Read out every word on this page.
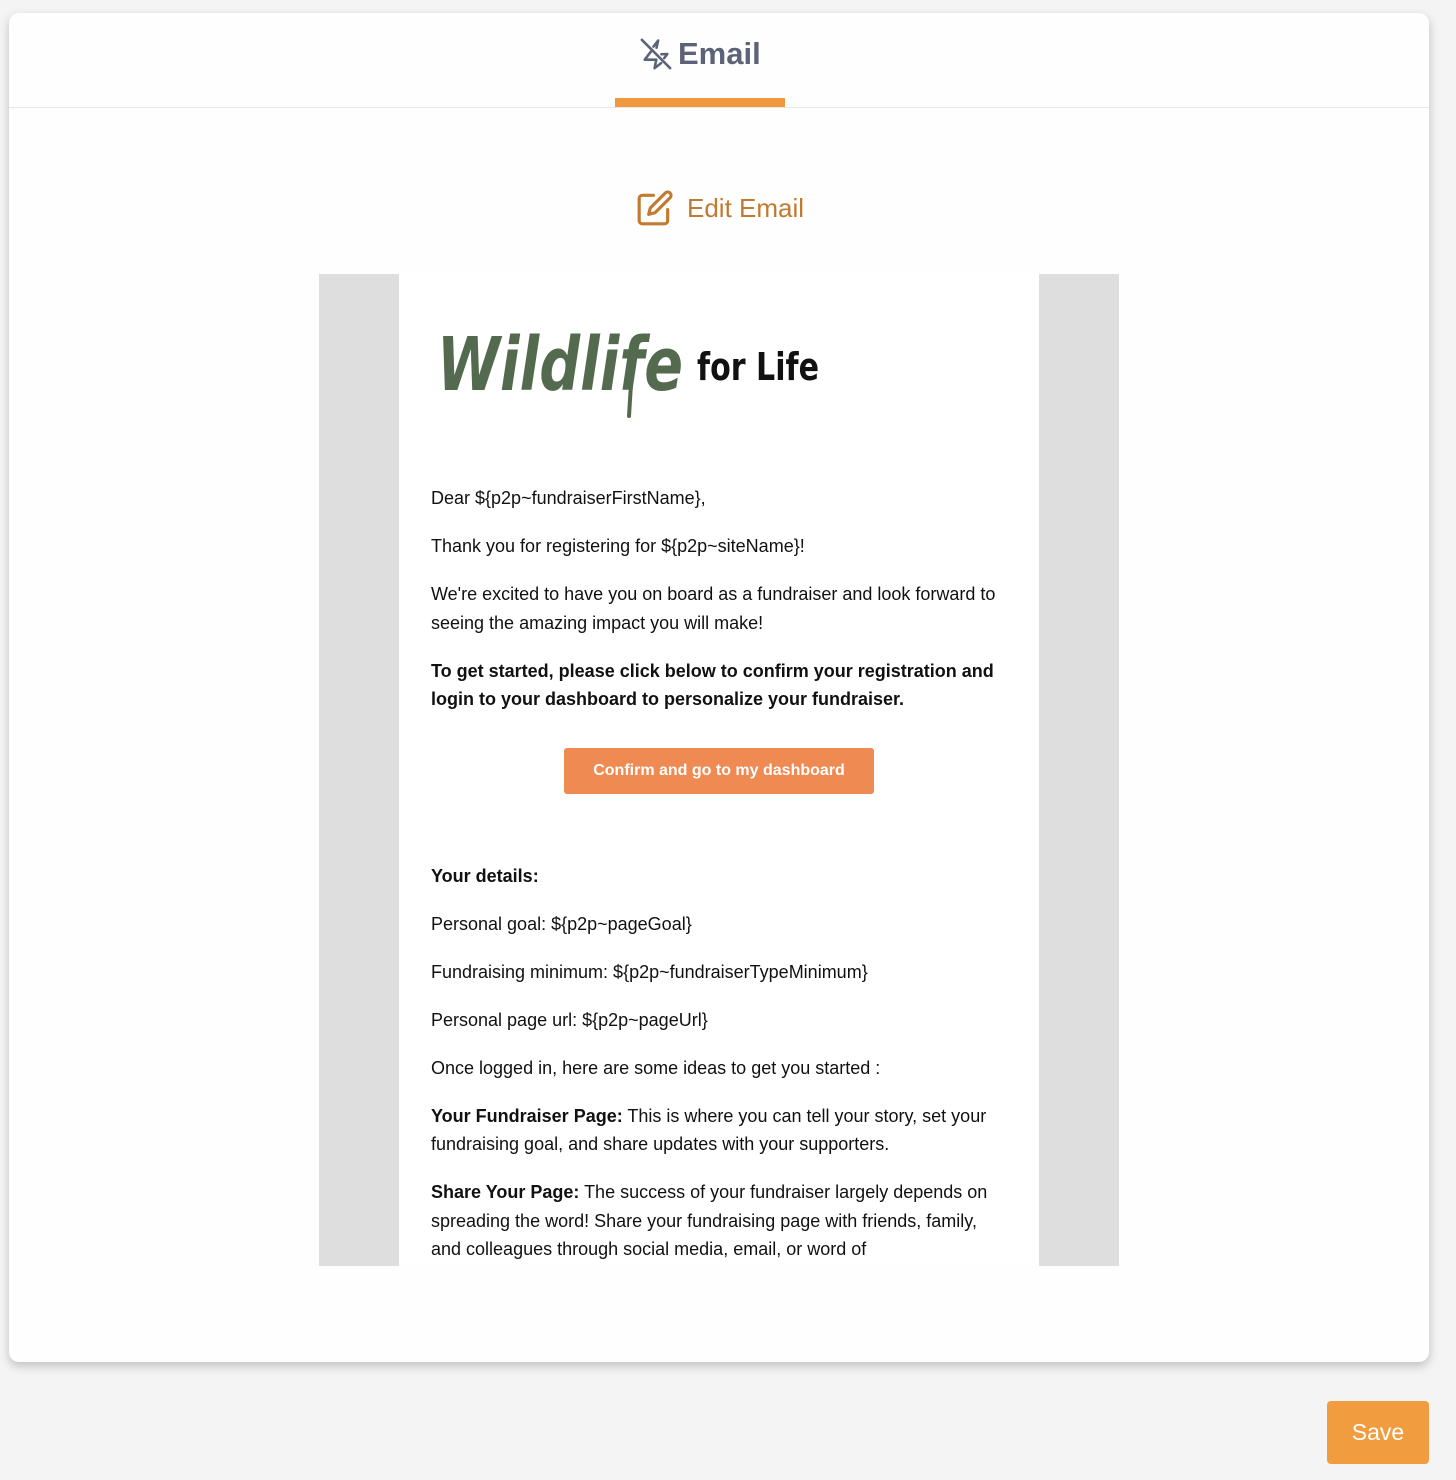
Email
Edit Email
Wildlife for Life

Dear ${p2p~fundraiserFirstName},

Thank you for registering for ${p2p~siteName}!

We're excited to have you on board as a fundraiser and look forward to seeing the amazing impact you will make!

To get started, please click below to confirm your registration and login to your dashboard to personalize your fundraiser.

Confirm and go to my dashboard

Your details:

Personal goal: ${p2p~pageGoal}

Fundraising minimum: ${p2p~fundraiserTypeMinimum}

Personal page url: ${p2p~pageUrl}

Once logged in, here are some ideas to get you started :

Your Fundraiser Page: This is where you can tell your story, set your fundraising goal, and share updates with your supporters.

Share Your Page: The success of your fundraiser largely depends on spreading the word! Share your fundraising page with friends, family, and colleagues through social media, email, or word of

Save
